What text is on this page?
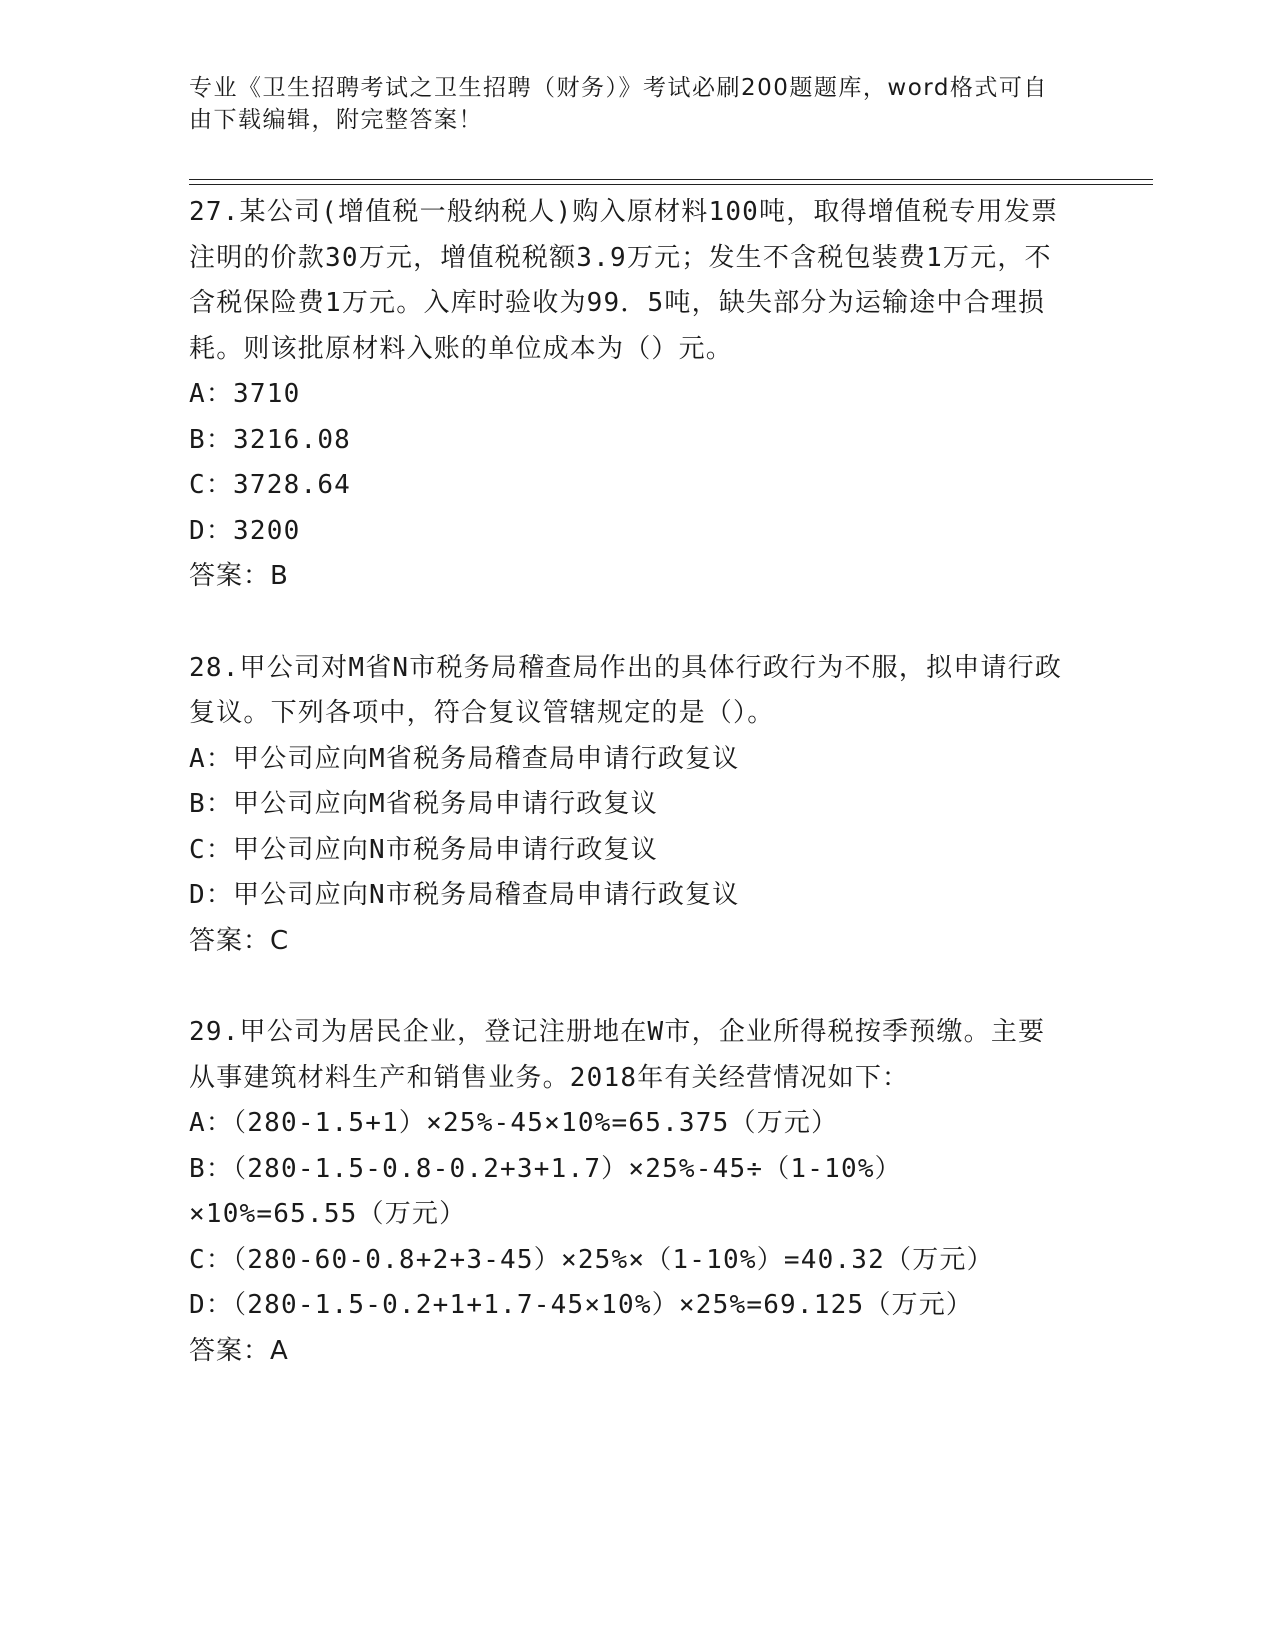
专业《卫生招聘考试之卫生招聘（财务）》考试必刷200题题库，word格式可自
由下载编辑，附完整答案！
27.某公司(增值税一般纳税人)购入原材料100吨，取得增值税专用发票注明的价款30万元，增值税税额3.9万元；发生不含税包装费1万元，不含税保险费1万元。入库时验收为99．5吨，缺失部分为运输途中合理损耗。则该批原材料入账的单位成本为（）元。
A：3710
B：3216.08
C：3728.64
D：3200
答案：B
28.甲公司对M省N市税务局稽查局作出的具体行政行为不服，拟申请行政复议。下列各项中，符合复议管辖规定的是（）。
A：甲公司应向M省税务局稽查局申请行政复议
B：甲公司应向M省税务局申请行政复议
C：甲公司应向N市税务局申请行政复议
D：甲公司应向N市税务局稽查局申请行政复议
答案：C
29.甲公司为居民企业，登记注册地在W市，企业所得税按季预缴。主要从事建筑材料生产和销售业务。2018年有关经营情况如下：
A：（280-1.5+1）×25%-45×10%=65.375（万元）
B：（280-1.5-0.8-0.2+3+1.7）×25%-45÷（1-10%）×10%=65.55（万元）
C：（280-60-0.8+2+3-45）×25%×（1-10%）=40.32（万元）
D：（280-1.5-0.2+1+1.7-45×10%）×25%=69.125（万元）
答案：A
